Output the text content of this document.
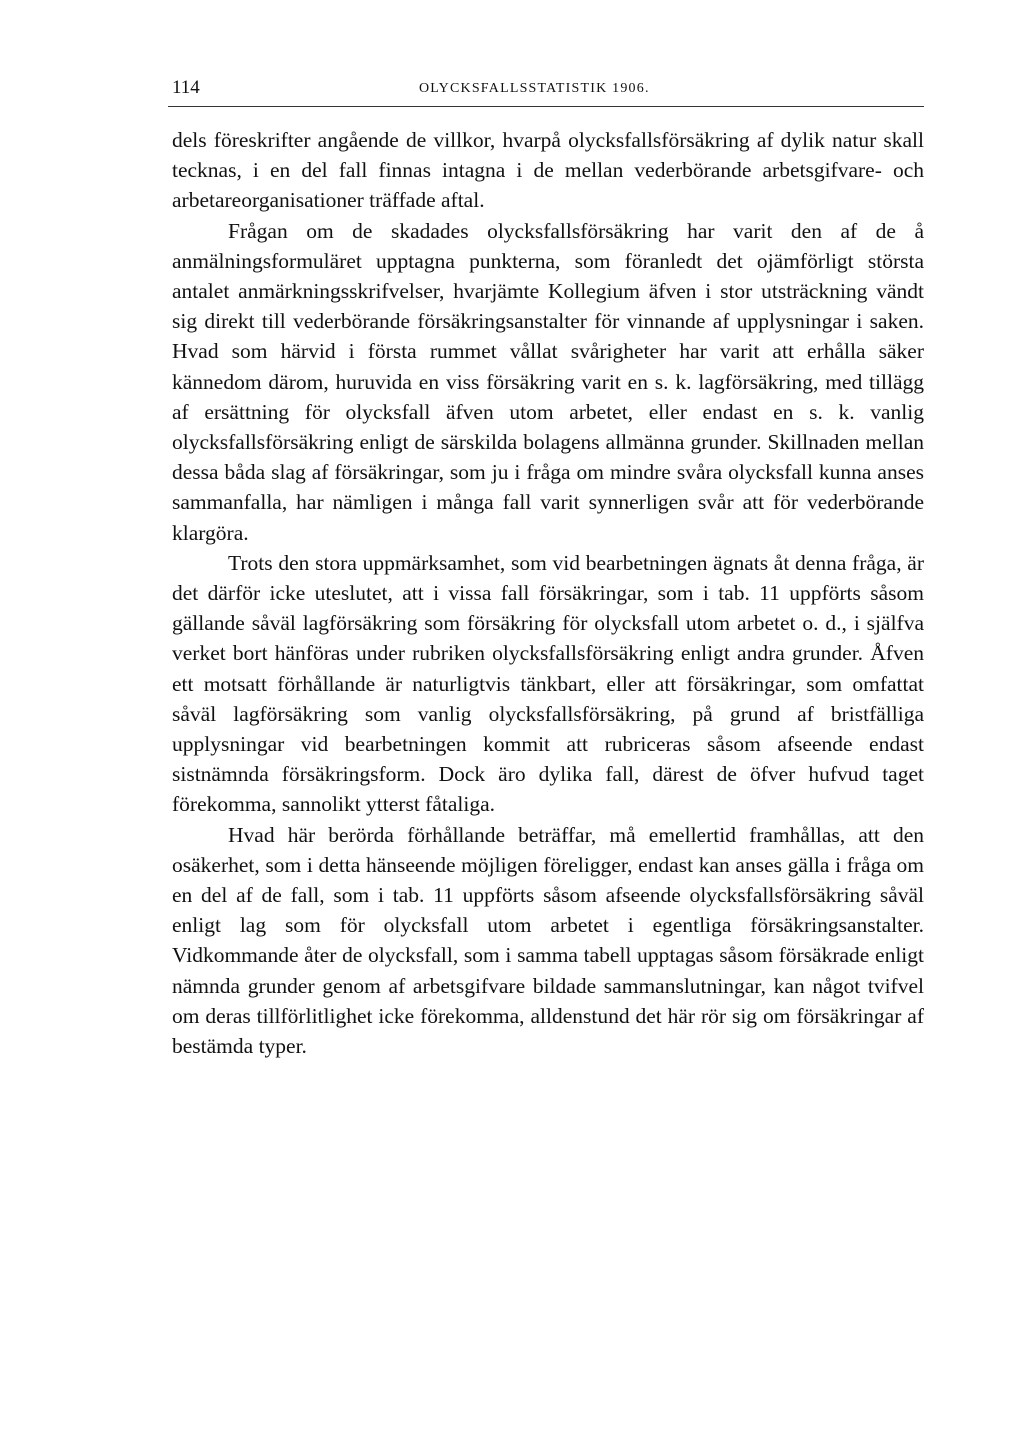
114	OLYCKSFALLSSTATISTIK 1906.

dels föreskrifter angående de villkor, hvarpå olycksfallsförsäkring af dylik natur skall tecknas, i en del fall finnas intagna i de mellan vederbörande arbetsgifvare- och arbetareorganisationer träffade aftal.

Frågan om de skadades olycksfallsförsäkring har varit den af de å anmälningsformuläret upptagna punkterna, som föranledt det ojämförligt största antalet anmärkningsskrifvelser, hvarjämte Kollegium äfven i stor utsträckning vändt sig direkt till vederbörande försäkringsanstalter för vinnande af upplysningar i saken. Hvad som härvid i första rummet vållat svårigheter har varit att erhålla säker kännedom därom, huruvida en viss försäkring varit en s. k. lagförsäkring, med tillägg af ersättning för olycksfall äfven utom arbetet, eller endast en s. k. vanlig olycksfallsförsäkring enligt de särskilda bolagens allmänna grunder. Skillnaden mellan dessa båda slag af försäkringar, som ju i fråga om mindre svåra olycksfall kunna anses sammanfalla, har nämligen i många fall varit synnerligen svår att för vederbörande klargöra.

Trots den stora uppmärksamhet, som vid bearbetningen ägnats åt denna fråga, är det därför icke uteslutet, att i vissa fall försäkringar, som i tab. 11 uppförts såsom gällande såväl lagförsäkring som försäkring för olycksfall utom arbetet o. d., i själfva verket bort hänföras under rubriken olycksfallsförsäkring enligt andra grunder. Åfven ett motsatt förhållande är naturligtvis tänkbart, eller att försäkringar, som omfattat såväl lagförsäkring som vanlig olycksfallsförsäkring, på grund af bristfälliga upplysningar vid bearbetningen kommit att rubriceras såsom afseende endast sistnämnda försäkringsform. Dock äro dylika fall, därest de öfver hufvud taget förekomma, sannolikt ytterst fåtaliga.

Hvad här berörda förhållande beträffar, må emellertid framhållas, att den osäkerhet, som i detta hänseende möjligen föreligger, endast kan anses gälla i fråga om en del af de fall, som i tab. 11 uppförts såsom afseende olycksfallsförsäkring såväl enligt lag som för olycksfall utom arbetet i egentliga försäkringsanstalter. Vidkommande åter de olycksfall, som i samma tabell upptagas såsom försäkrade enligt nämnda grunder genom af arbetsgifvare bildade sammanslutningar, kan något tvifvel om deras tillförlitlighet icke förekomma, alldenstund det här rör sig om försäkringar af bestämda typer.
